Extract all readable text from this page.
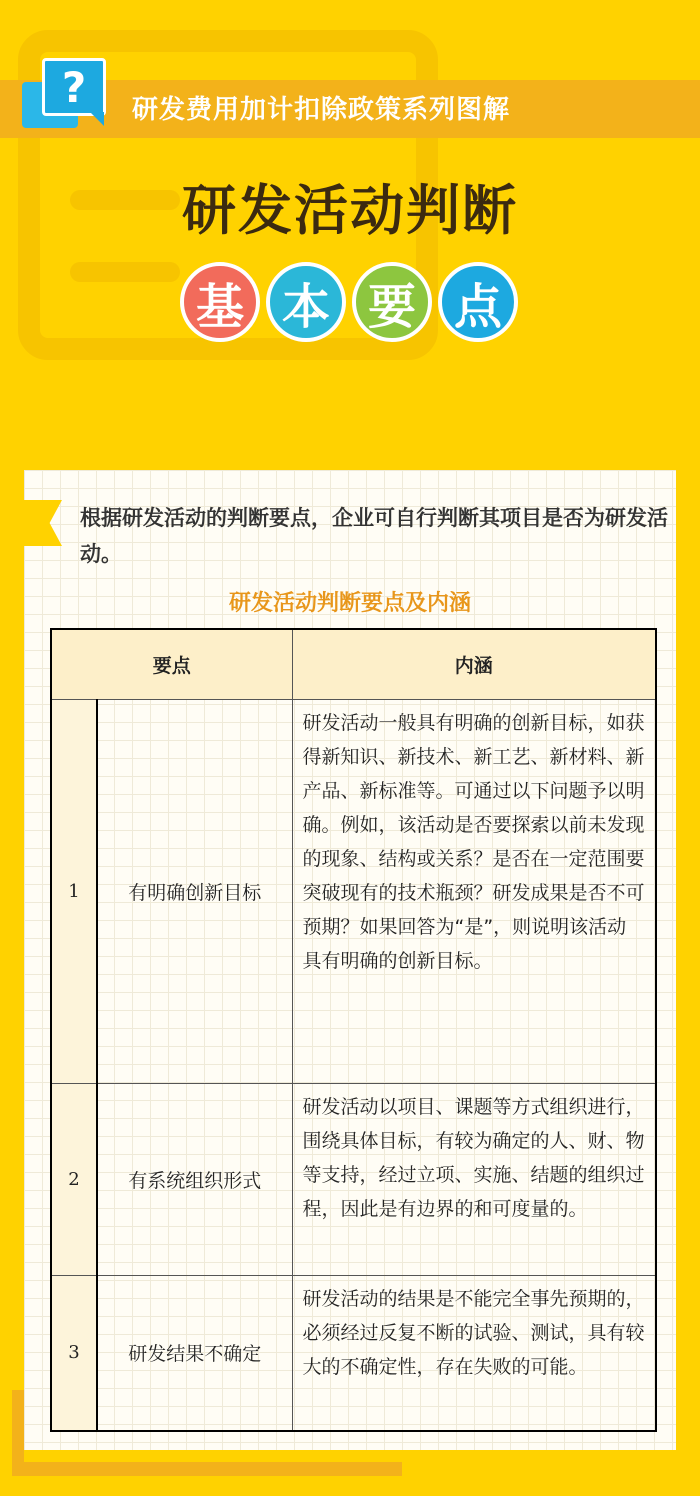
?	研发费用加计扣除政策系列图解
研发活动判断
基 本 要 点
根据研发活动的判断要点，企业可自行判断其项目是否为研发活动。
研发活动判断要点及内涵
要点		内涵
1	有明确创新目标	研发活动一般具有明确的创新目标，如获得新知识、新技术、新工艺、新材料、新产品、新标准等。可通过以下问题予以明确。例如，该活动是否要探索以前未发现的现象、结构或关系？是否在一定范围要突破现有的技术瓶颈？研发成果是否不可预期？如果回答为“是”，则说明该活动具有明确的创新目标。
2	有系统组织形式	研发活动以项目、课题等方式组织进行，围绕具体目标，有较为确定的人、财、物等支持，经过立项、实施、结题的组织过程，因此是有边界的和可度量的。
3	研发结果不确定	研发活动的结果是不能完全事先预期的，必须经过反复不断的试验、测试，具有较大的不确定性，存在失败的可能。
